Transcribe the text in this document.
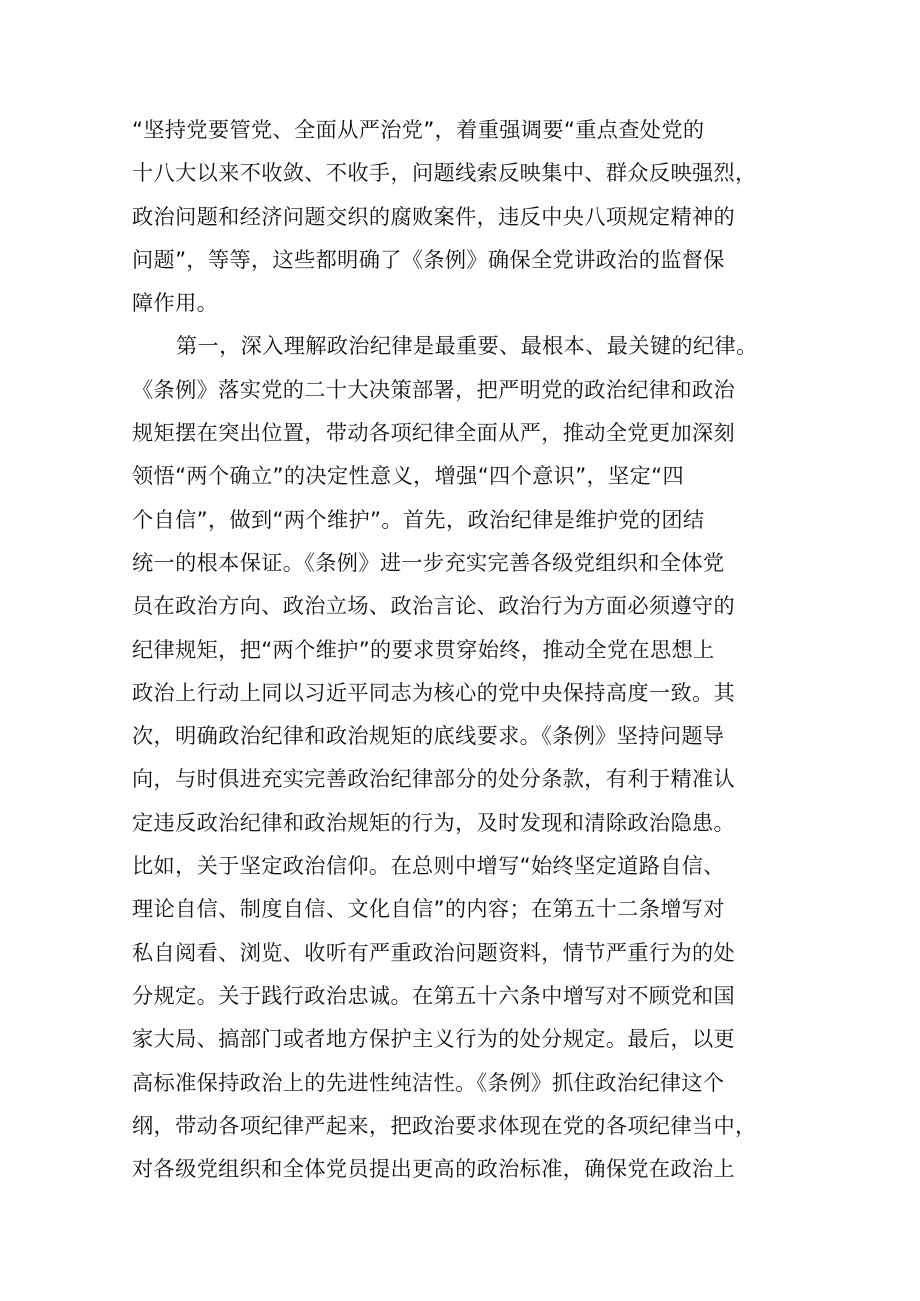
“坚持党要管党、全面从严治党”，着重强调要“重点查处党的
十八大以来不收敛、不收手，问题线索反映集中、群众反映强烈，
政治问题和经济问题交织的腐败案件，违反中央八项规定精神的
问题”，等等，这些都明确了《条例》确保全党讲政治的监督保
障作用。
第一，深入理解政治纪律是最重要、最根本、最关键的纪律。
《条例》落实党的二十大决策部署，把严明党的政治纪律和政治
规矩摆在突出位置，带动各项纪律全面从严，推动全党更加深刻
领悟“两个确立”的决定性意义，增强“四个意识”，坚定“四
个自信”，做到“两个维护”。首先，政治纪律是维护党的团结
统一的根本保证。《条例》进一步充实完善各级党组织和全体党
员在政治方向、政治立场、政治言论、政治行为方面必须遵守的
纪律规矩，把“两个维护”的要求贯穿始终，推动全党在思想上
政治上行动上同以习近平同志为核心的党中央保持高度一致。其
次，明确政治纪律和政治规矩的底线要求。《条例》坚持问题导
向，与时俱进充实完善政治纪律部分的处分条款，有利于精准认
定违反政治纪律和政治规矩的行为，及时发现和清除政治隐患。
比如，关于坚定政治信仰。在总则中增写“始终坚定道路自信、
理论自信、制度自信、文化自信”的内容；在第五十二条增写对
私自阅看、浏览、收听有严重政治问题资料，情节严重行为的处
分规定。关于践行政治忠诚。在第五十六条中增写对不顾党和国
家大局、搞部门或者地方保护主义行为的处分规定。最后，以更
高标准保持政治上的先进性纯洁性。《条例》抓住政治纪律这个
纲，带动各项纪律严起来，把政治要求体现在党的各项纪律当中，
对各级党组织和全体党员提出更高的政治标准，确保党在政治上
